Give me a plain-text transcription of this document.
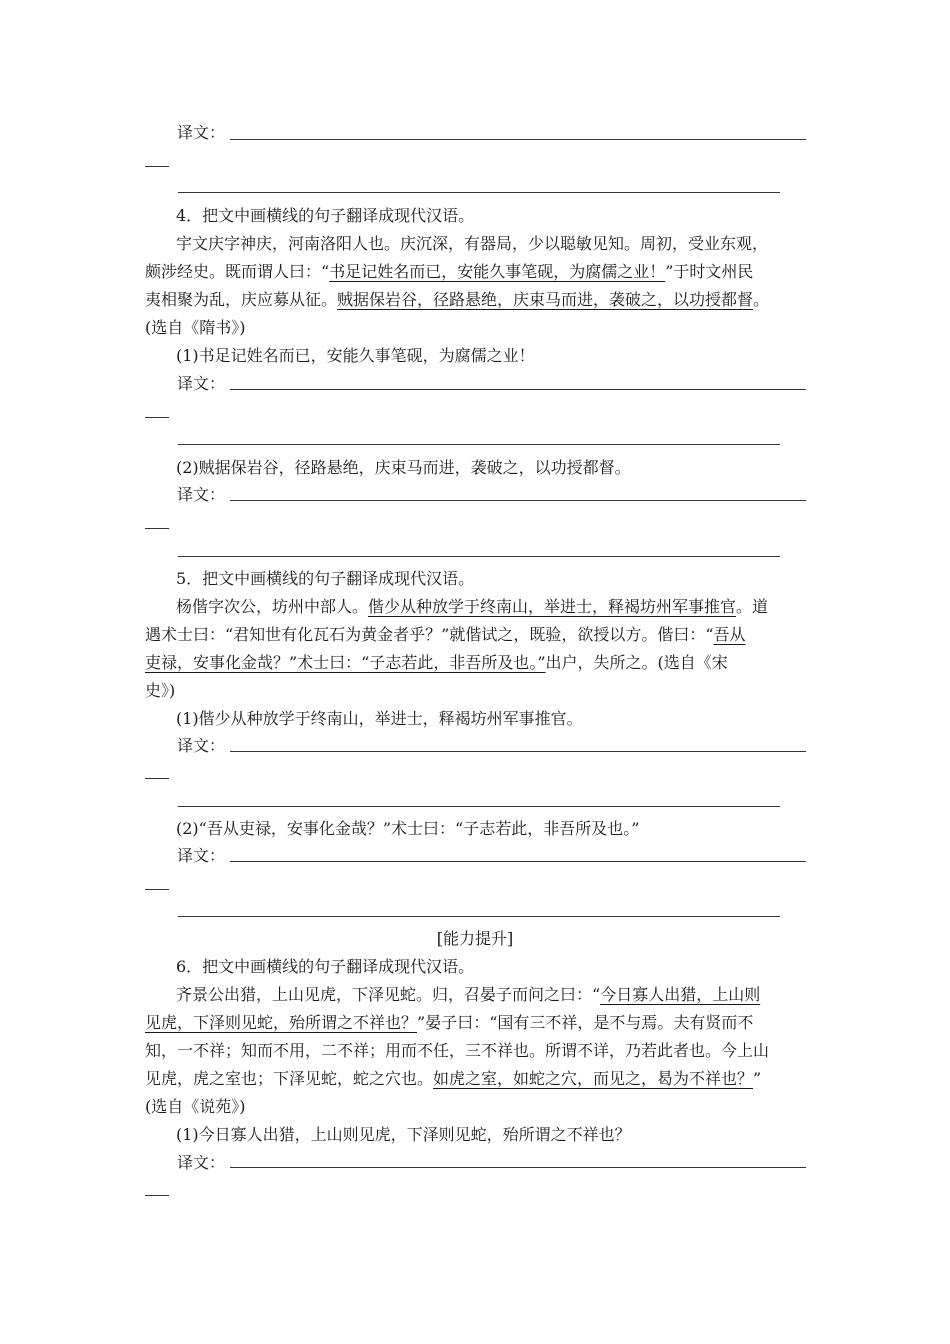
译文：
4．把文中画横线的句子翻译成现代汉语。
宇文庆字神庆，河南洛阳人也。庆沉深，有器局，少以聪敏见知。周初，受业东观，
颇涉经史。既而谓人曰：“书足记姓名而已，安能久事笔砚，为腐儒之业！”于时文州民
夷相聚为乱，庆应募从征。贼据保岩谷，径路悬绝，庆束马而进，袭破之，以功授都督。
(选自《隋书》)
(1)书足记姓名而已，安能久事笔砚，为腐儒之业！
译文：
(2)贼据保岩谷，径路悬绝，庆束马而进，袭破之，以功授都督。
译文：
5．把文中画横线的句子翻译成现代汉语。
杨偕字次公，坊州中部人。偕少从种放学于终南山，举进士，释褐坊州军事推官。道
遇术士曰：“君知世有化瓦石为黄金者乎？”就偕试之，既验，欲授以方。偕曰：“吾从
吏禄，安事化金哉？”术士曰：“子志若此，非吾所及也。”出户，失所之。(选自《宋
史》)
(1)偕少从种放学于终南山，举进士，释褐坊州军事推官。
译文：
(2)“吾从吏禄，安事化金哉？”术士曰：“子志若此，非吾所及也。”
译文：
[能力提升]
6．把文中画横线的句子翻译成现代汉语。
齐景公出猎，上山见虎，下泽见蛇。归，召晏子而问之曰：“今日寡人出猎，上山则
见虎，下泽则见蛇，殆所谓之不祥也？”晏子曰：“国有三不祥，是不与焉。夫有贤而不
知，一不祥；知而不用，二不祥；用而不任，三不祥也。所谓不详，乃若此者也。今上山
见虎，虎之室也；下泽见蛇，蛇之穴也。如虎之室，如蛇之穴，而见之，曷为不祥也？”
(选自《说苑》)
(1)今日寡人出猎，上山则见虎，下泽则见蛇，殆所谓之不祥也？
译文：
